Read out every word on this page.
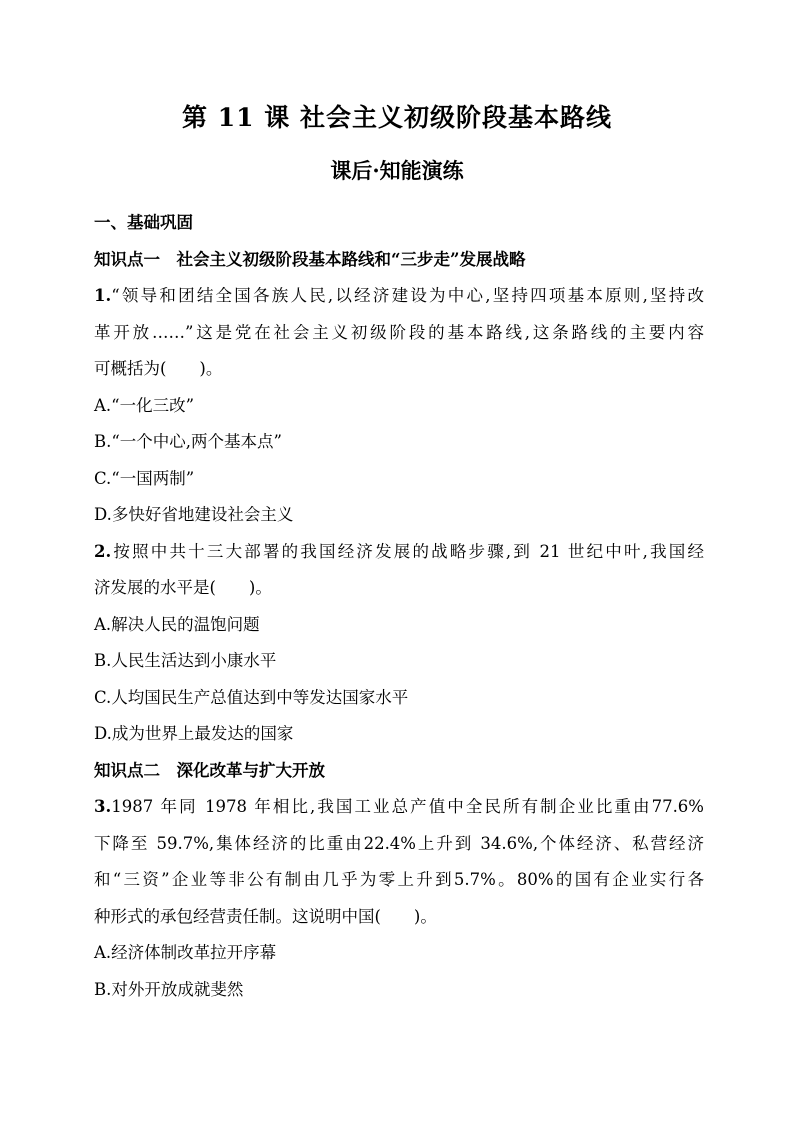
第 11 课 社会主义初级阶段基本路线
课后·知能演练
一、基础巩固
知识点一　社会主义初级阶段基本路线和“三步走”发展战略
1.“领导和团结全国各族人民,以经济建设为中心,坚持四项基本原则,坚持改
革开放……”这是党在社会主义初级阶段的基本路线,这条路线的主要内容
可概括为(　　)。
A.“一化三改”
B.“一个中心,两个基本点”
C.“一国两制”
D.多快好省地建设社会主义
2.按照中共十三大部署的我国经济发展的战略步骤,到 21 世纪中叶,我国经
济发展的水平是(　　)。
A.解决人民的温饱问题
B.人民生活达到小康水平
C.人均国民生产总值达到中等发达国家水平
D.成为世界上最发达的国家
知识点二　深化改革与扩大开放
3.1987 年同 1978 年相比,我国工业总产值中全民所有制企业比重由77.6%
下降至 59.7%,集体经济的比重由22.4%上升到 34.6%,个体经济、私营经济
和“三资”企业等非公有制由几乎为零上升到5.7%。80%的国有企业实行各
种形式的承包经营责任制。这说明中国(　　)。
A.经济体制改革拉开序幕
B.对外开放成就斐然
